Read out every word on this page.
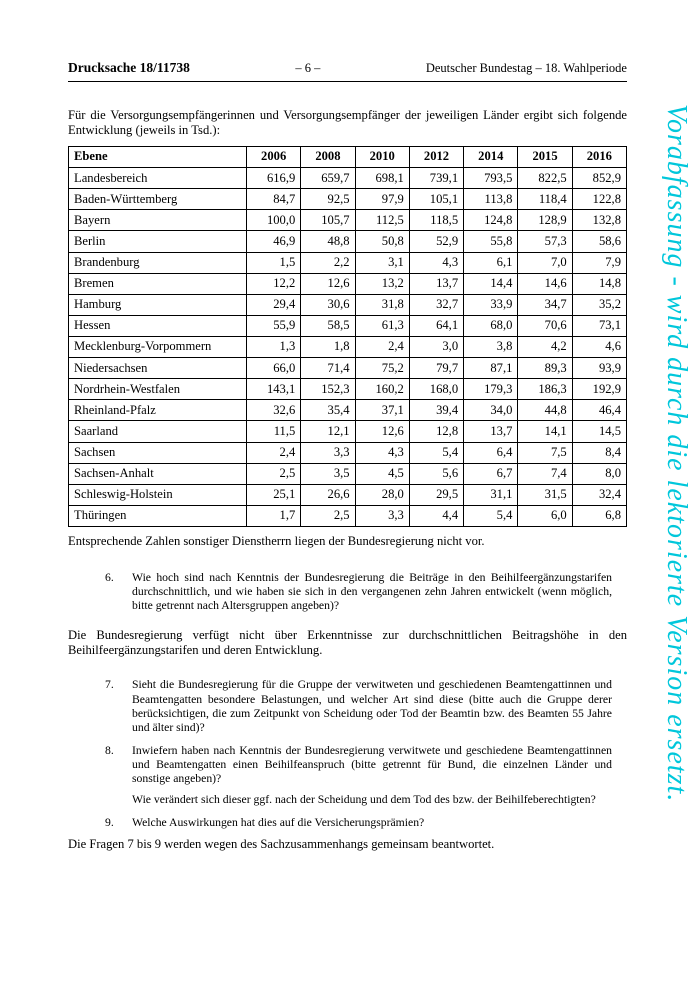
Drucksache 18/11738	– 6 –	Deutscher Bundestag – 18. Wahlperiode

Für die Versorgungsempfängerinnen und Versorgungsempfänger der jeweiligen Länder ergibt sich folgende Entwicklung (jeweils in Tsd.):

Ebene	2006	2008	2010	2012	2014	2015	2016
Landesbereich	616,9	659,7	698,1	739,1	793,5	822,5	852,9
Baden-Württemberg	84,7	92,5	97,9	105,1	113,8	118,4	122,8
Bayern	100,0	105,7	112,5	118,5	124,8	128,9	132,8
Berlin	46,9	48,8	50,8	52,9	55,8	57,3	58,6
Brandenburg	1,5	2,2	3,1	4,3	6,1	7,0	7,9
Bremen	12,2	12,6	13,2	13,7	14,4	14,6	14,8
Hamburg	29,4	30,6	31,8	32,7	33,9	34,7	35,2
Hessen	55,9	58,5	61,3	64,1	68,0	70,6	73,1
Mecklenburg-Vorpommern	1,3	1,8	2,4	3,0	3,8	4,2	4,6
Niedersachsen	66,0	71,4	75,2	79,7	87,1	89,3	93,9
Nordrhein-Westfalen	143,1	152,3	160,2	168,0	179,3	186,3	192,9
Rheinland-Pfalz	32,6	35,4	37,1	39,4	34,0	44,8	46,4
Saarland	11,5	12,1	12,6	12,8	13,7	14,1	14,5
Sachsen	2,4	3,3	4,3	5,4	6,4	7,5	8,4
Sachsen-Anhalt	2,5	3,5	4,5	5,6	6,7	7,4	8,0
Schleswig-Holstein	25,1	26,6	28,0	29,5	31,1	31,5	32,4
Thüringen	1,7	2,5	3,3	4,4	5,4	6,0	6,8

Entsprechende Zahlen sonstiger Dienstherrn liegen der Bundesregierung nicht vor.

6.	Wie hoch sind nach Kenntnis der Bundesregierung die Beiträge in den Beihilfeergänzungstarifen durchschnittlich, und wie haben sie sich in den vergangenen zehn Jahren entwickelt (wenn möglich, bitte getrennt nach Altersgruppen angeben)?

Die Bundesregierung verfügt nicht über Erkenntnisse zur durchschnittlichen Beitragshöhe in den Beihilfeergänzungstarifen und deren Entwicklung.

7.	Sieht die Bundesregierung für die Gruppe der verwitweten und geschiedenen Beamtengattinnen und Beamtengatten besondere Belastungen, und welcher Art sind diese (bitte auch die Gruppe derer berücksichtigen, die zum Zeitpunkt von Scheidung oder Tod der Beamtin bzw. des Beamten 55 Jahre und älter sind)?
8.	Inwiefern haben nach Kenntnis der Bundesregierung verwitwete und geschiedene Beamtengattinnen und Beamtengatten einen Beihilfeanspruch (bitte getrennt für Bund, die einzelnen Länder und sonstige angeben)?

Wie verändert sich dieser ggf. nach der Scheidung und dem Tod des bzw. der Beihilfeberechtigten?

9.	Welche Auswirkungen hat dies auf die Versicherungsprämien?

Die Fragen 7 bis 9 werden wegen des Sachzusammenhangs gemeinsam beantwortet.

Vorabfassung - wird durch die lektorierte Version ersetzt.
